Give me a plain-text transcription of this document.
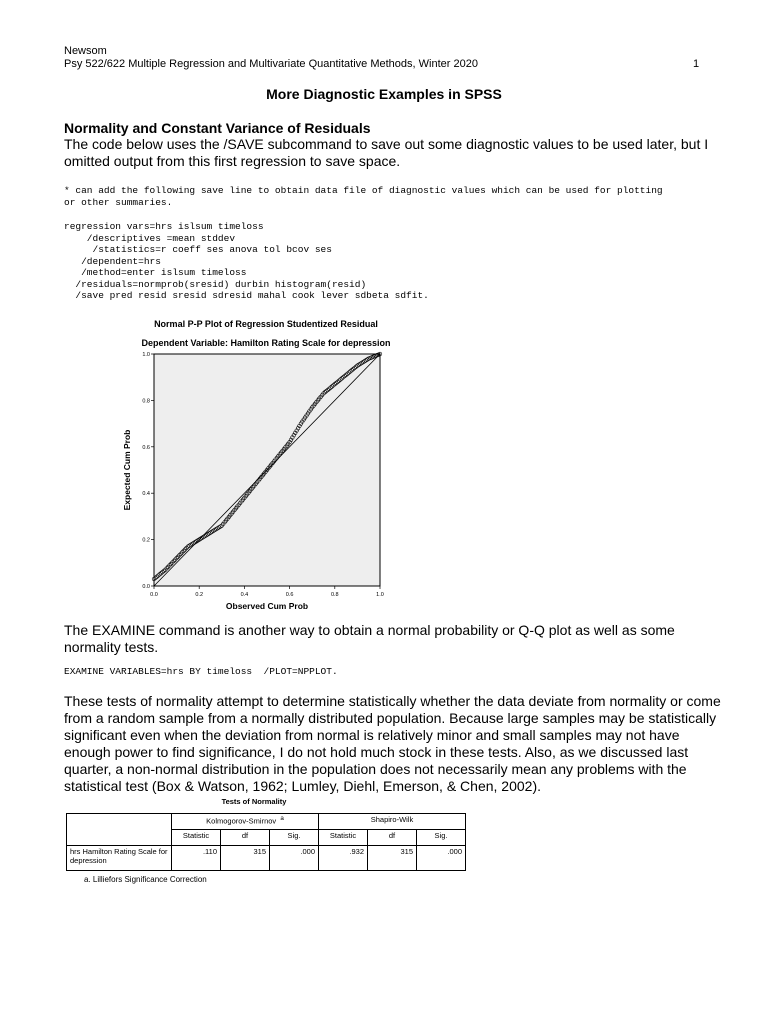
Newsom
Psy 522/622 Multiple Regression and Multivariate Quantitative Methods, Winter 2020	1
More Diagnostic Examples in SPSS
Normality and Constant Variance of Residuals
The code below uses the /SAVE subcommand to save out some diagnostic values to be used later, but I omitted output from this first regression to save space.
* can add the following save line to obtain data file of diagnostic values which can be used for plotting
or other summaries.
regression vars=hrs islsum timeloss
/descriptives =mean stddev
/statistics=r coeff ses anova tol bcov ses
/dependent=hrs
/method=enter islsum timeloss
/residuals=normprob(sresid) durbin histogram(resid)
/save pred resid sresid sdresid mahal cook lever sdbeta sdfit.
Normal P-P Plot of Regression Studentized Residual
Dependent Variable: Hamilton Rating Scale for depression
0.0
0.0
0.2
0.2
0.4
0.4
0.6
0.6
0.8
0.8
1.0
1.0
Observed Cum Prob
Expected Cum Prob
The EXAMINE command is another way to obtain a normal probability or Q-Q plot as well as some normality tests.
EXAMINE VARIABLES=hrs BY timeloss  /PLOT=NPPLOT.
These tests of normality attempt to determine statistically whether the data deviate from normality or come from a random sample from a normally distributed population. Because large samples may be statistically significant even when the deviation from normal is relatively minor and small samples may not have enough power to find significance, I do not hold much stock in these tests. Also, as we discussed last quarter, a non-normal distribution in the population does not necessarily mean any problems with the statistical test (Box & Watson, 1962; Lumley, Diehl, Emerson, & Chen, 2002).
Tests of Normality
	Kolmogorov-Smirnov $^a$			Shapiro-Wilk		
	Statistic	df	Sig.	Statistic	df	Sig.
hrs Hamilton Rating Scale for depression	.110	315	.000	.932	315	.000
a. Lilliefors Significance Correction
